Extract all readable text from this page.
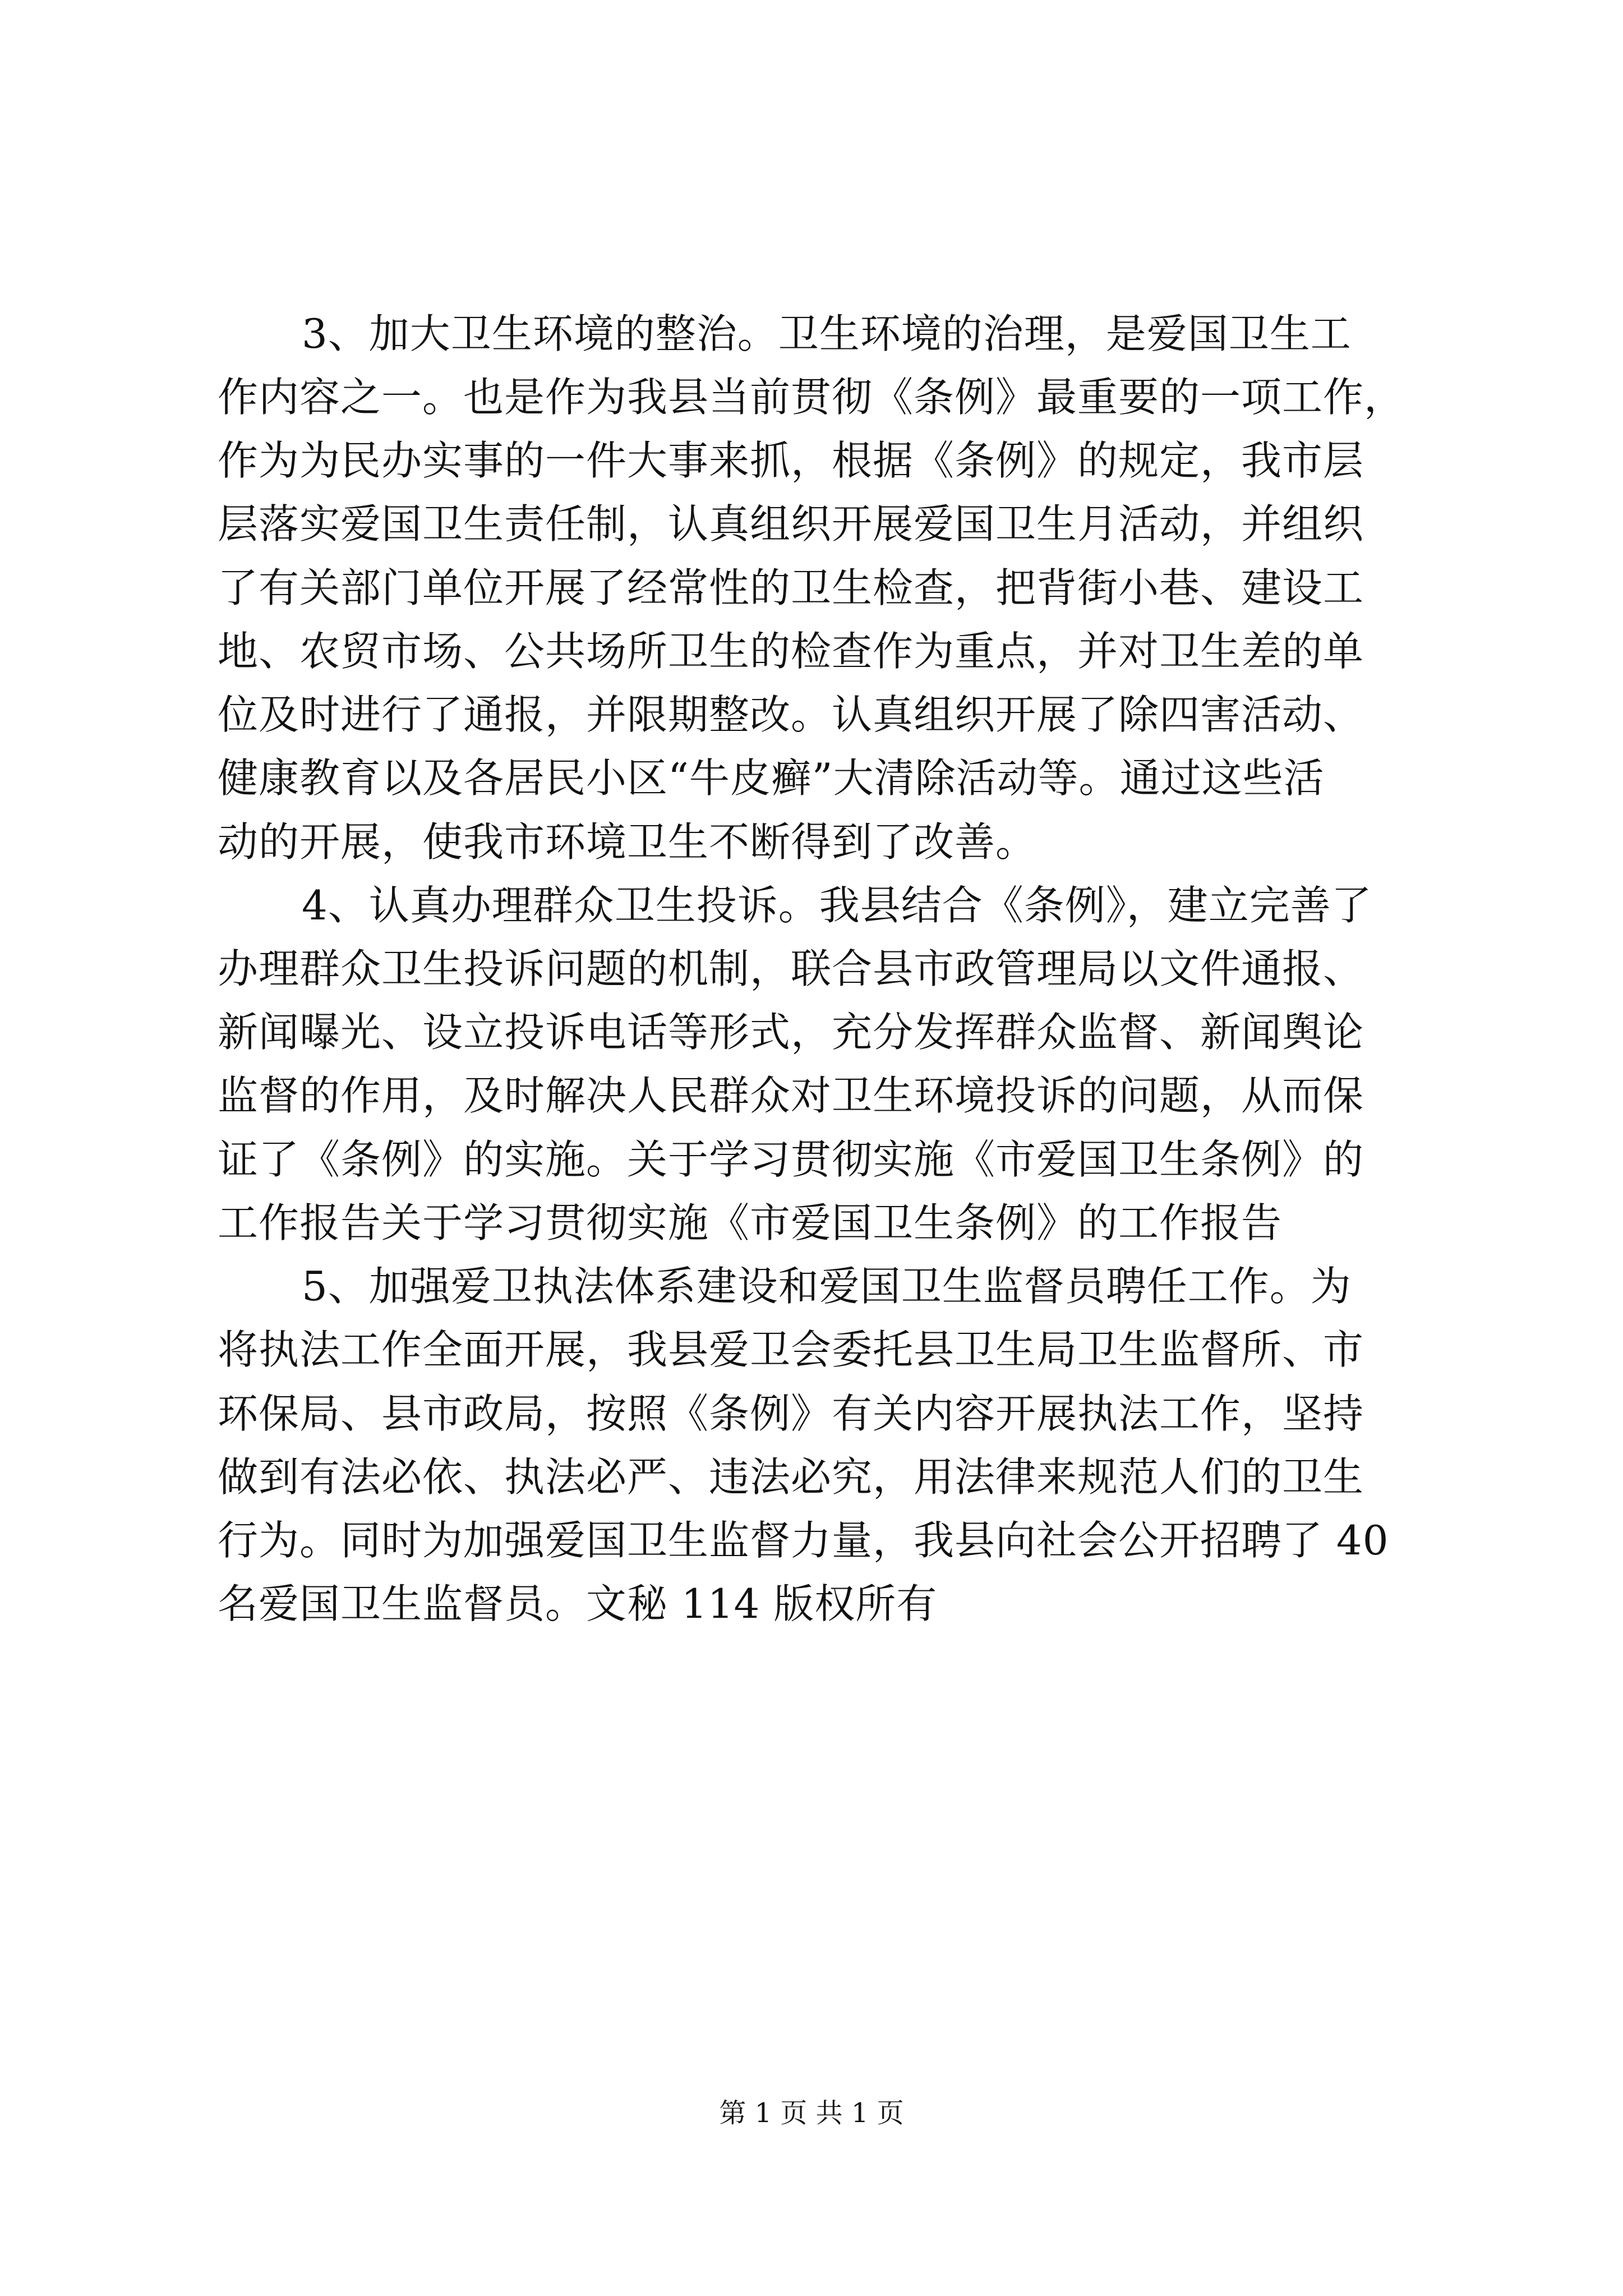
3、加大卫生环境的整治。卫生环境的治理，是爱国卫生工
作内容之一。也是作为我县当前贯彻《条例》最重要的一项工作，
作为为民办实事的一件大事来抓，根据《条例》的规定，我市层
层落实爱国卫生责任制，认真组织开展爱国卫生月活动，并组织
了有关部门单位开展了经常性的卫生检查，把背街小巷、建设工
地、农贸市场、公共场所卫生的检查作为重点，并对卫生差的单
位及时进行了通报，并限期整改。认真组织开展了除四害活动、
健康教育以及各居民小区“牛皮癣”大清除活动等。通过这些活
动的开展，使我市环境卫生不断得到了改善。
4、认真办理群众卫生投诉。我县结合《条例》，建立完善了
办理群众卫生投诉问题的机制，联合县市政管理局以文件通报、
新闻曝光、设立投诉电话等形式，充分发挥群众监督、新闻舆论
监督的作用，及时解决人民群众对卫生环境投诉的问题，从而保
证了《条例》的实施。关于学习贯彻实施《市爱国卫生条例》的
工作报告关于学习贯彻实施《市爱国卫生条例》的工作报告
5、加强爱卫执法体系建设和爱国卫生监督员聘任工作。为
将执法工作全面开展，我县爱卫会委托县卫生局卫生监督所、市
环保局、县市政局，按照《条例》有关内容开展执法工作，坚持
做到有法必依、执法必严、违法必究，用法律来规范人们的卫生
行为。同时为加强爱国卫生监督力量，我县向社会公开招聘了 40
名爱国卫生监督员。文秘 114 版权所有
第 1 页 共 1 页
